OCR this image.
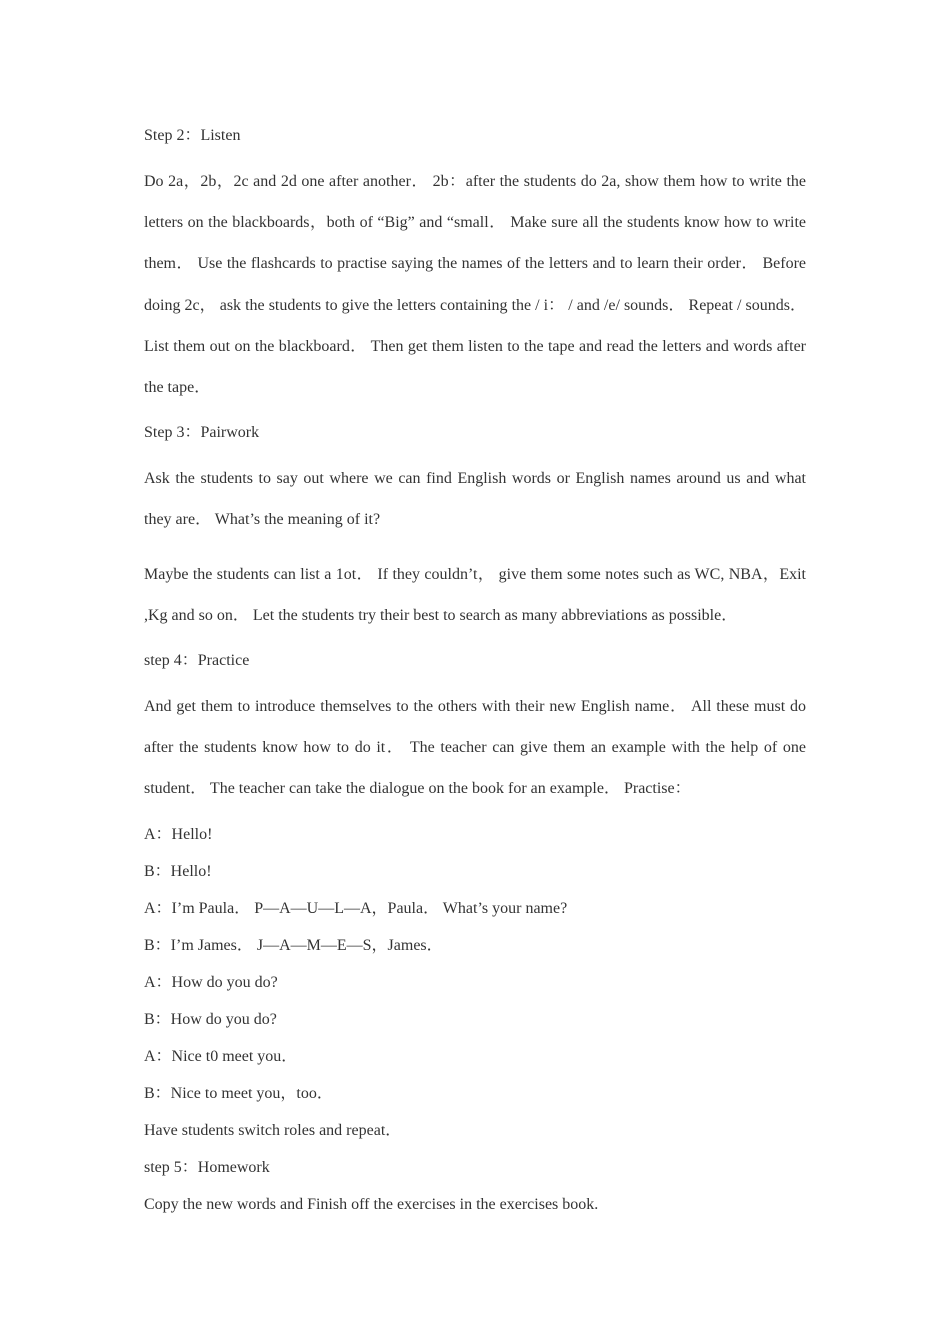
Step 2：Listen

Do 2a，2b，2c and 2d one after another． 2b：after the students do 2a, show them how to write the letters on the blackboards，both of “Big” and “small． Make sure all the students know how to write them． Use the flashcards to practise saying the names of the letters and to learn their order． Before doing 2c， ask the students to give the letters containing the / i： / and /e/ sounds． Repeat / sounds． List them out on the blackboard． Then get them listen to the tape and read the letters and words after the tape．

Step 3：Pairwork

Ask the students to say out where we can find English words or English names around us and what they are． What’s the meaning of it?

Maybe the students can list a 1ot． If they couldn’t， give them some notes such as WC, NBA，Exit ,Kg and so on． Let the students try their best to search as many abbreviations as possible．

step 4：Practice

And get them to introduce themselves to the others with their new English name． All these must do after the students know how to do it． The teacher can give them an example with the help of one student． The teacher can take the dialogue on the book for an example． Practise：

A：Hello!

B：Hello!

A：I’m Paula． P—A—U—L—A，Paula． What’s your name?

B：I’m James． J—A—M—E—S，James．

A：How do you do?

B：How do you do?

A：Nice t0 meet you．

B：Nice to meet you，too．

Have students switch roles and repeat．

step 5：Homework

Copy the new words and Finish off the exercises in the exercises book.
